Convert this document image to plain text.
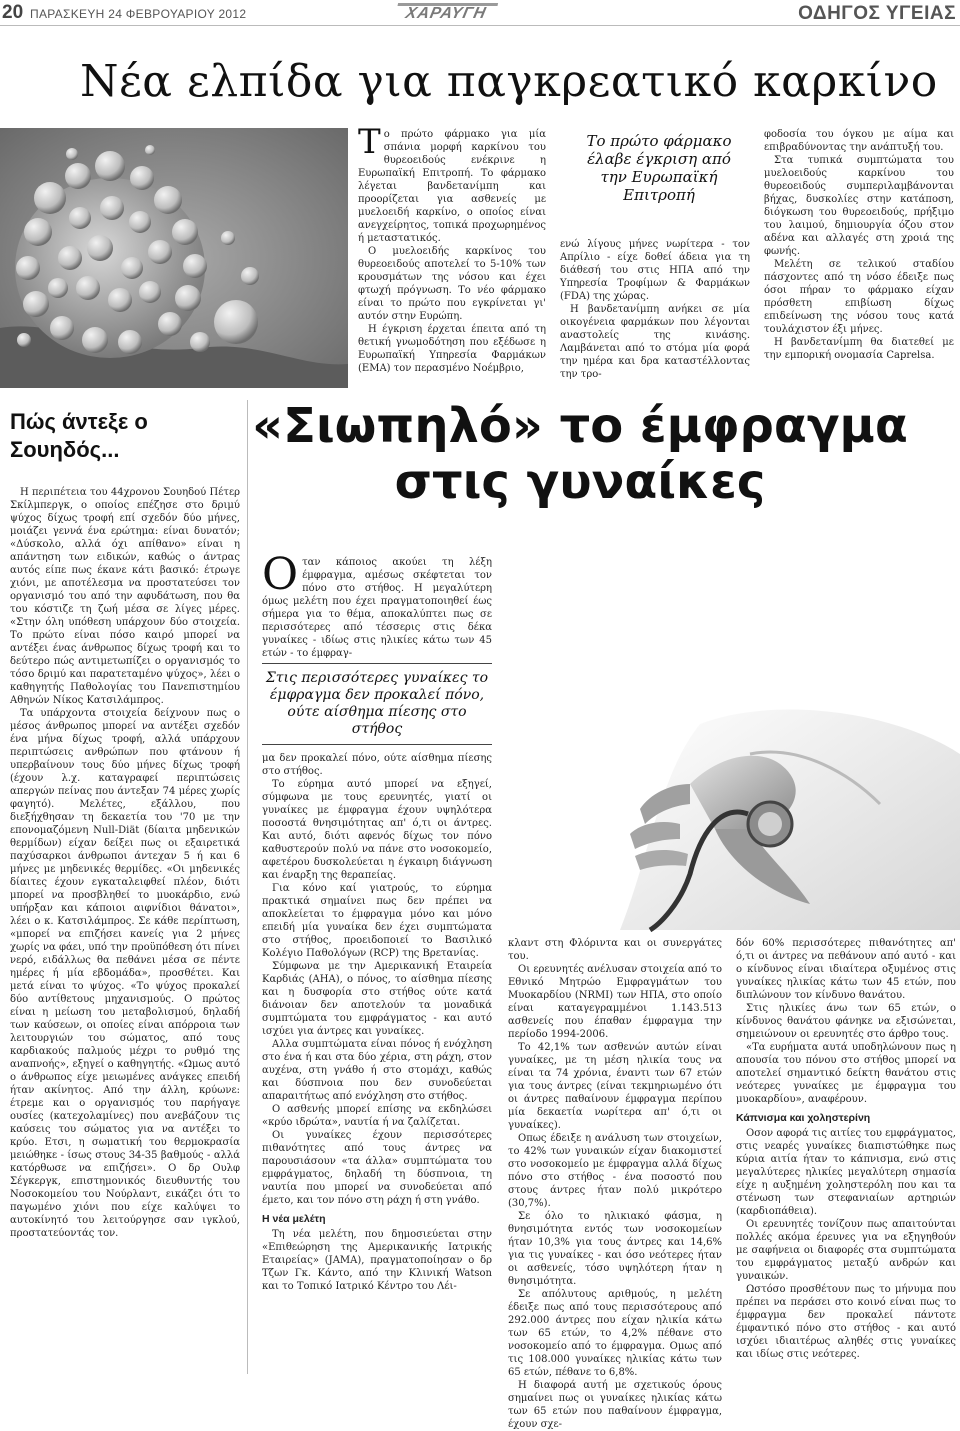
20 ΠΑΡΑΣΚΕΥΗ 24 ΦΕΒΡΟΥΑΡΙΟΥ 2012	ΧΑΡΑΥΓΗ	ΟΔΗΓΟΣ ΥΓΕΙΑΣ
Νέα ελπίδα για παγκρεατικό καρκίνο

Το πρώτο φάρμακο για μία σπάνια μορφή καρκίνου του θυρεοειδούς ενέκρινε η Ευρωπαϊκή Επιτροπή. Το φάρμακο λέγεται βανδετανίμπη και προορίζεται για ασθενείς με μυελοειδή καρκίνο, ο οποίος είναι ανεγχείρητος, τοπικά προχωρημένος ή μεταστατικός.

Ο μυελοειδής καρκίνος του θυρεοειδούς αποτελεί το 5-10% των κρουσμάτων της νόσου και έχει φτωχή πρόγνωση. Το νέο φάρμακο είναι το πρώτο που εγκρίνεται γι' αυτόν στην Ευρώπη.

Η έγκριση έρχεται έπειτα από τη θετική γνωμοδότηση που εξέδωσε η Ευρωπαϊκή Υπηρεσία Φαρμάκων (ΕΜΑ) τον περασμένο Νοέμβριο,

Το πρώτο φάρμακο έλαβε έγκριση από την Ευρωπαϊκή Επιτροπή

ενώ λίγους μήνες νωρίτερα - τον Απρίλιο - είχε δοθεί άδεια για τη διάθεσή του στις ΗΠΑ από την Υπηρεσία Τροφίμων & Φαρμάκων (FDA) της χώρας.

Η βανδετανίμπη ανήκει σε μία οικογένεια φαρμάκων που λέγονται αναστολείς της κινάσης. Λαμβάνεται από το στόμα μία φορά την ημέρα και δρα καταστέλλοντας την τρο-

φοδοσία του όγκου με αίμα και επιβραδύνοντας την ανάπτυξή του.

Στα τυπικά συμπτώματα του μυελοειδούς καρκίνου του θυρεοειδούς συμπεριλαμβάνονται βήχας, δυσκολίες στην κατάποση, διόγκωση του θυρεοειδούς, πρήξιμο του λαιμού, δημιουργία όζου στον αδένα και αλλαγές στη χροιά της φωνής.

Μελέτη σε τελικού σταδίου πάσχοντες από τη νόσο έδειξε πως όσοι πήραν το φάρμακο είχαν πρόσθετη επιβίωση δίχως επιδείνωση της νόσου τους κατά τουλάχιστον έξι μήνες.

Η βανδετανίμπη θα διατεθεί με την εμπορική ονομασία Caprelsa.

Πώς άντεξε ο Σουηδός...

Η περιπέτεια του 44χρονου Σουηδού Πέτερ Σκίλμπεργκ, ο οποίος επέζησε στο δριμύ ψύχος δίχως τροφή επί σχεδόν δύο μήνες, μοιάζει γεννά ένα ερώτημα: είναι δυνατόν; «Δύσκολο, αλλά όχι απίθανο» είναι η απάντηση των ειδικών, καθώς ο άντρας αυτός είπε πως έκανε κάτι βασικό: έτρωγε χιόνι, με αποτέλεσμα να προστατεύσει τον οργανισμό του από την αφυδάτωση, που θα του κόστιζε τη ζωή μέσα σε λίγες μέρες. «Στην όλη υπόθεση υπάρχουν δύο στοιχεία. Το πρώτο είναι πόσο καιρό μπορεί να αντέξει ένας άνθρωπος δίχως τροφή και το δεύτερο πώς αντιμετωπίζει ο οργανισμός το τόσο δριμύ και παρατεταμένο ψύχος», λέει ο καθηγητής Παθολογίας του Πανεπιστημίου Αθηνών Νίκος Κατσιλάμπρος.

Τα υπάρχοντα στοιχεία δείχνουν πως ο μέσος άνθρωπος μπορεί να αντέξει σχεδόν ένα μήνα δίχως τροφή, αλλά υπάρχουν περιπτώσεις ανθρώπων που φτάνουν ή υπερβαίνουν τους δύο μήνες δίχως τροφή (έχουν λ.χ. καταγραφεί περιπτώσεις απεργών πείνας που άντεξαν 74 μέρες χωρίς φαγητό). Μελέτες, εξάλλου, που διεξήχθησαν τη δεκαετία του '70 με την επονομαζόμενη Null-Diät (δίαιτα μηδενικών θερμίδων) είχαν δείξει πως οι εξαιρετικά παχύσαρκοι άνθρωποι άντεχαν 5 ή και 6 μήνες με μηδενικές θερμίδες. «Οι μηδενικές δίαιτες έχουν εγκαταλειφθεί πλέον, διότι μπορεί να προσβληθεί το μυοκάρδιο, ενώ υπήρξαν και κάποιοι αιφνίδιοι θάνατοι», λέει ο κ. Κατσιλάμπρος. Σε κάθε περίπτωση, «μπορεί να επιζήσει κανείς για 2 μήνες χωρίς να φάει, υπό την προϋπόθεση ότι πίνει νερό, ειδάλλως θα πεθάνει μέσα σε πέντε ημέρες ή μία εβδομάδα», προσθέτει. Και μετά είναι το ψύχος. «Το ψύχος προκαλεί δύο αντίθετους μηχανισμούς. Ο πρώτος είναι η μείωση του μεταβολισμού, δηλαδή των καύσεων, οι οποίες είναι απόρροια των λειτουργιών του σώματος, από τους καρδιακούς παλμούς μέχρι το ρυθμό της αναπνοής», εξηγεί ο καθηγητής. «Ωμως αυτό ο άνθρωπος είχε μειωμένες ανάγκες επειδή ήταν ακίνητος. Από την άλλη, κρύωνε: έτρεμε και ο οργανισμός του παρήγαγε ουσίες (κατεχολαμίνες) που ανεβάζουν τις καύσεις του σώματος για να αντέξει το κρύο. Ετσι, η σωματική του θερμοκρασία μειώθηκε - ίσως στους 34-35 βαθμούς - αλλά κατόρθωσε να επιζήσει». Ο δρ Ουλφ Σέγκεργκ, επιστημονικός διευθυντής του Νοσοκομείου του Νούρλαντ, εικάζει ότι το παγωμένο χιόνι που είχε καλύψει το αυτοκίνητό του λειτούργησε σαν ιγκλού, προστατεύοντάς τον.

«Σιωπηλό» το έμφραγμα
στις γυναίκες

Οταν κάποιος ακούει τη λέξη έμφραγμα, αμέσως σκέφτεται τον πόνο στο στήθος. Η μεγαλύτερη όμως μελέτη που έχει πραγματοποιηθεί έως σήμερα για το θέμα, αποκαλύπτει πως σε περισσότερες από τέσσερις στις δέκα γυναίκες - ιδίως στις ηλικίες κάτω των 45 ετών - το έμφραγ-

Στις περισσότερες γυναίκες το έμφραγμα δεν προκαλεί πόνο, ούτε αίσθημα πίεσης στο στήθος

μα δεν προκαλεί πόνο, ούτε αίσθημα πίεσης στο στήθος.

Το εύρημα αυτό μπορεί να εξηγεί, σύμφωνα με τους ερευνητές, γιατί οι γυναίκες με έμφραγμα έχουν υψηλότερα ποσοστά θνησιμότητας απ' ό,τι οι άντρες. Και αυτό, διότι αφενός δίχως τον πόνο καθυστερούν πολύ να πάνε στο νοσοκομείο, αφετέρου δυσκολεύεται η έγκαιρη διάγνωση και έναρξη της θεραπείας.

Για κόνο καί γιατρούς, το εύρημα πρακτικά σημαίνει πως δεν πρέπει να αποκλείεται το έμφραγμα μόνο και μόνο επειδή μία γυναίκα δεν έχει συμπτώματα στο στήθος, προειδοποιεί το Βασιλικό Κολέγιο Παθολόγων (RCP) της Βρετανίας.

Σύμφωνα με την Αμερικανική Εταιρεία Καρδιάς (AHA), ο πόνος, το αίσθημα πίεσης και η δυσφορία στο στήθος ούτε κατά διάνοιαν δεν αποτελούν τα μοναδικά συμπτώματα του εμφράγματος - και αυτό ισχύει για άντρες και γυναίκες.

Αλλα συμπτώματα είναι πόνος ή ενόχληση στο ένα ή και στα δύο χέρια, στη ράχη, στον αυχένα, στη γνάθο ή στο στομάχι, καθώς και δύσπνοια που δεν συνοδεύεται απαραιτήτως από ενόχληση στο στήθος.

Ο ασθενής μπορεί επίσης να εκδηλώσει «κρύο ιδρώτα», ναυτία ή να ζαλίζεται.

Οι γυναίκες έχουν περισσότερες πιθανότητες από τους άντρες να παρουσιάσουν «τα άλλα» συμπτώματα του εμφράγματος, δηλαδή τη δύσπνοια, τη ναυτία που μπορεί να συνοδεύεται από έμετο, και τον πόνο στη ράχη ή στη γνάθο.

Η νέα μελέτη

Τη νέα μελέτη, που δημοσιεύεται στην «Επιθεώρηση της Αμερικανικής Ιατρικής Εταιρείας» (JAMA), πραγματοποίησαν ο δρ Τζων Γκ. Κάντο, από την Κλινική Watson και το Τοπικό Ιατρικό Κέντρο του Λέι-

κλαντ στη Φλόριντα και οι συνεργάτες του.

Οι ερευνητές ανέλυσαν στοιχεία από το Εθνικό Μητρώο Εμφραγμάτων του Μυοκαρδίου (NRMI) των ΗΠΑ, στο οποίο είναι καταγεγραμμένοι 1.143.513 ασθενείς που έπαθαν έμφραγμα την περίοδο 1994-2006.

Το 42,1% των ασθενών αυτών είναι γυναίκες, με τη μέση ηλικία τους να είναι τα 74 χρόνια, έναντι των 67 ετών για τους άντρες (είναι τεκμηριωμένο ότι οι άντρες παθαίνουν έμφραγμα περίπου μία δεκαετία νωρίτερα απ' ό,τι οι γυναίκες).

Οπως έδειξε η ανάλυση των στοιχείων, το 42% των γυναικών είχαν διακομιστεί στο νοσοκομείο με έμφραγμα αλλά δίχως πόνο στο στήθος - ένα ποσοστό που στους άντρες ήταν πολύ μικρότερο (30,7%).

Σε όλο το ηλικιακό φάσμα, η θνησιμότητα εντός των νοσοκομείων ήταν 10,3% για τους άντρες και 14,6% για τις γυναίκες - και όσο νεότερες ήταν οι ασθενείς, τόσο υψηλότερη ήταν η θνησιμότητα.

Σε απόλυτους αριθμούς, η μελέτη έδειξε πως από τους περισσότερους από 292.000 άντρες που είχαν ηλικία κάτω των 65 ετών, το 4,2% πέθανε στο νοσοκομείο από το έμφραγμα. Ομως από τις 108.000 γυναίκες ηλικίας κάτω των 65 ετών, πέθανε το 6,8%.

Η διαφορά αυτή με σχετικούς όρους σημαίνει πως οι γυναίκες ηλικίας κάτω των 65 ετών που παθαίνουν έμφραγμα, έχουν σχε-

δόν 60% περισσότερες πιθανότητες απ' ό,τι οι άντρες να πεθάνουν από αυτό - και ο κίνδυνος είναι ιδιαίτερα οξυμένος στις γυναίκες ηλικίας κάτω των 45 ετών, που διπλώνουν τον κίνδυνο θανάτου.

Στις ηλικίες άνω των 65 ετών, ο κίνδυνος θανάτου φάνηκε να εξισώνεται, σημειώνουν οι ερευνητές στο άρθρο τους.

«Τα ευρήματα αυτά υποδηλώνουν πως η απουσία του πόνου στο στήθος μπορεί να αποτελεί σημαντικό δείκτη θανάτου στις νεότερες γυναίκες με έμφραγμα του μυοκαρδίου», αναφέρουν.

Κάπνισμα και χοληστερίνη

Οσον αφορά τις αιτίες του εμφράγματος, στις νεαρές γυναίκες διαπιστώθηκε πως κύρια αιτία ήταν το κάπνισμα, ενώ στις μεγαλύτερες ηλικίες μεγαλύτερη σημασία είχε η αυξημένη χοληστερόλη που και τα στένωση των στεφανιαίων αρτηριών (καρδιοπάθεια).

Οι ερευνητές τονίζουν πως απαιτούνται πολλές ακόμα έρευνες για να εξηγηθούν με σαφήνεια οι διαφορές στα συμπτώματα του εμφράγματος μεταξύ ανδρών και γυναικών.

Ωστόσο προσθέτουν πως το μήνυμα που πρέπει να περάσει στο κοινό είναι πως το έμφραγμα δεν προκαλεί πάντοτε έμφαντικό πόνο στο στήθος - και αυτό ισχύει ιδιαιτέρως αληθές στις γυναίκες και ιδίως στις νεότερες.
